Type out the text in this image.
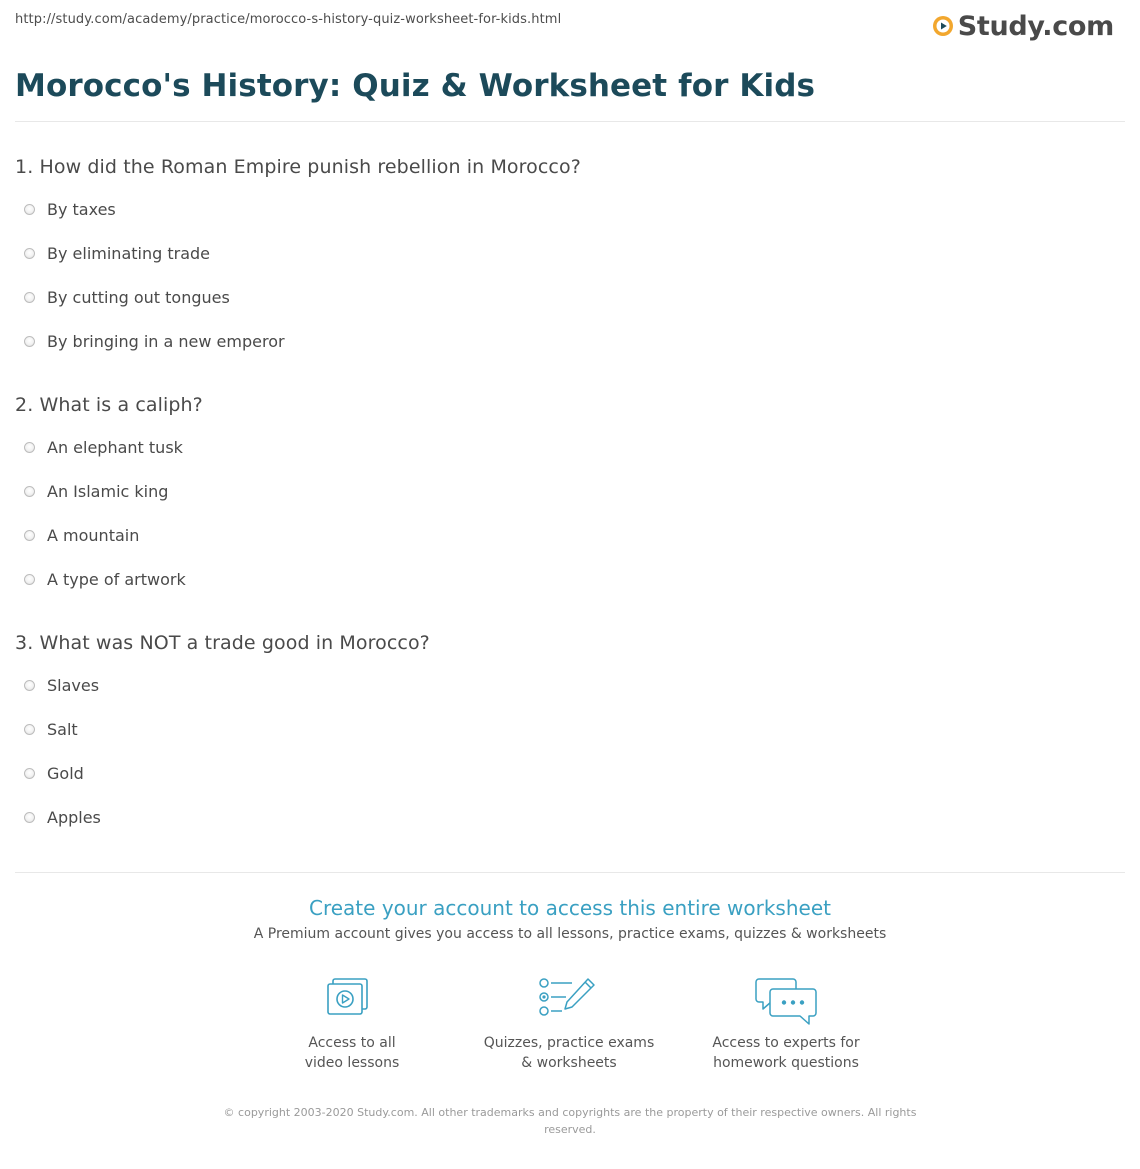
http://study.com/academy/practice/morocco-s-history-quiz-worksheet-for-kids.html	Study.com
Morocco's History: Quiz & Worksheet for Kids
1. How did the Roman Empire punish rebellion in Morocco?
By taxes
By eliminating trade
By cutting out tongues
By bringing in a new emperor
2. What is a caliph?
An elephant tusk
An Islamic king
A mountain
A type of artwork
3. What was NOT a trade good in Morocco?
Slaves
Salt
Gold
Apples
Create your account to access this entire worksheet
A Premium account gives you access to all lessons, practice exams, quizzes & worksheets
Access to all
video lessons
Quizzes, practice exams
& worksheets
Access to experts for
homework questions
© copyright 2003-2020 Study.com. All other trademarks and copyrights are the property of their respective owners. All rights
reserved.
